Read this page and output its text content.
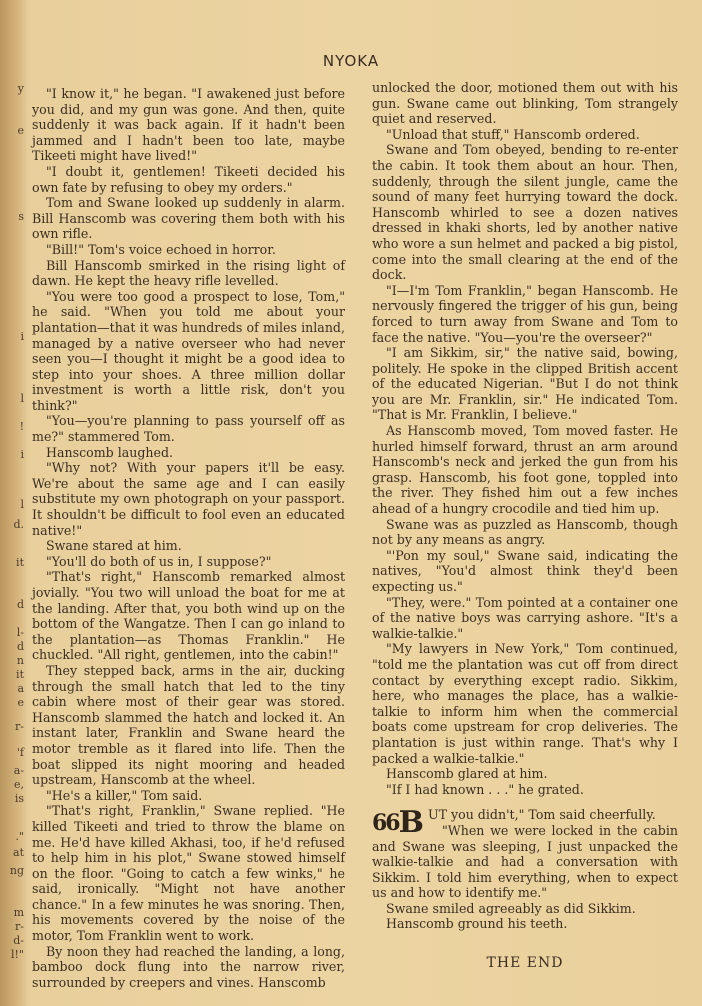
y
e
s
i
l
!
i
l
d.
it
d
l-
d
n
it
a
e
r-
'f
a-
e,
is
."
at
ng
m
r-
d-
l!"
NYOKA

"I know it," he began. "I awakened just before you did, and my gun was gone. And then, quite suddenly it was back again. If it hadn't been jammed and I hadn't been too late, maybe Tikeeti might have lived!"

"I doubt it, gentlemen! Tikeeti decided his own fate by refusing to obey my orders."

Tom and Swane looked up suddenly in alarm. Bill Hanscomb was covering them both with his own rifle.

"Bill!" Tom's voice echoed in horror.

Bill Hanscomb smirked in the rising light of dawn. He kept the heavy rifle levelled.

"You were too good a prospect to lose, Tom," he said. "When you told me about your plantation—that it was hundreds of miles inland, managed by a native overseer who had never seen you—I thought it might be a good idea to step into your shoes. A three million dollar investment is worth a little risk, don't you think?"

"You—you're planning to pass yourself off as me?" stammered Tom.

Hanscomb laughed.

"Why not? With your papers it'll be easy. We're about the same age and I can easily substitute my own photograph on your passport. It shouldn't be difficult to fool even an educated native!"

Swane stared at him.

"You'll do both of us in, I suppose?"

"That's right," Hanscomb remarked almost jovially. "You two will unload the boat for me at the landing. After that, you both wind up on the bottom of the Wangatze. Then I can go inland to the plantation—as Thomas Franklin." He chuckled. "All right, gentlemen, into the cabin!"

They stepped back, arms in the air, ducking through the small hatch that led to the tiny cabin where most of their gear was stored. Hanscomb slammed the hatch and locked it. An instant later, Franklin and Swane heard the motor tremble as it flared into life. Then the boat slipped its night mooring and headed upstream, Hanscomb at the wheel.

"He's a killer," Tom said.

"That's right, Franklin," Swane replied. "He killed Tikeeti and tried to throw the blame on me. He'd have killed Akhasi, too, if he'd refused to help him in his plot," Swane stowed himself on the floor. "Going to catch a few winks," he said, ironically. "Might not have another chance." In a few minutes he was snoring. Then, his movements covered by the noise of the motor, Tom Franklin went to work.

By noon they had reached the landing, a long, bamboo dock flung into the narrow river, surrounded by creepers and vines. Hanscomb

unlocked the door, motioned them out with his gun. Swane came out blinking, Tom strangely quiet and reserved.

"Unload that stuff," Hanscomb ordered.

Swane and Tom obeyed, bending to re-enter the cabin. It took them about an hour. Then, suddenly, through the silent jungle, came the sound of many feet hurrying toward the dock. Hanscomb whirled to see a dozen natives dressed in khaki shorts, led by another native who wore a sun helmet and packed a big pistol, come into the small clearing at the end of the dock.

"I—I'm Tom Franklin," began Hanscomb. He nervously fingered the trigger of his gun, being forced to turn away from Swane and Tom to face the native. "You—you're the overseer?"

"I am Sikkim, sir," the native said, bowing, politely. He spoke in the clipped British accent of the educated Nigerian. "But I do not think you are Mr. Franklin, sir." He indicated Tom. "That is Mr. Franklin, I believe."

As Hanscomb moved, Tom moved faster. He hurled himself forward, thrust an arm around Hanscomb's neck and jerked the gun from his grasp. Hanscomb, his foot gone, toppled into the river. They fished him out a few inches ahead of a hungry crocodile and tied him up.

Swane was as puzzled as Hanscomb, though not by any means as angry.

"'Pon my soul," Swane said, indicating the natives, "You'd almost think they'd been expecting us."

"They, were." Tom pointed at a container one of the native boys was carrying ashore. "It's a walkie-talkie."

"My lawyers in New York," Tom continued, "told me the plantation was cut off from direct contact by everything except radio. Sikkim, here, who manages the place, has a walkie-talkie to inform him when the commercial boats come upstream for crop deliveries. The plantation is just within range. That's why I packed a walkie-talkie."

Hanscomb glared at him.

"If I had known . . ." he grated.

$^{66}$B UT you didn't," Tom said cheerfully.

"When we were locked in the cabin and Swane was sleeping, I just unpacked the walkie-talkie and had a conversation with Sikkim. I told him everything, when to expect us and how to identify me."

Swane smiled agreeably as did Sikkim.

Hanscomb ground his teeth.

THE END
